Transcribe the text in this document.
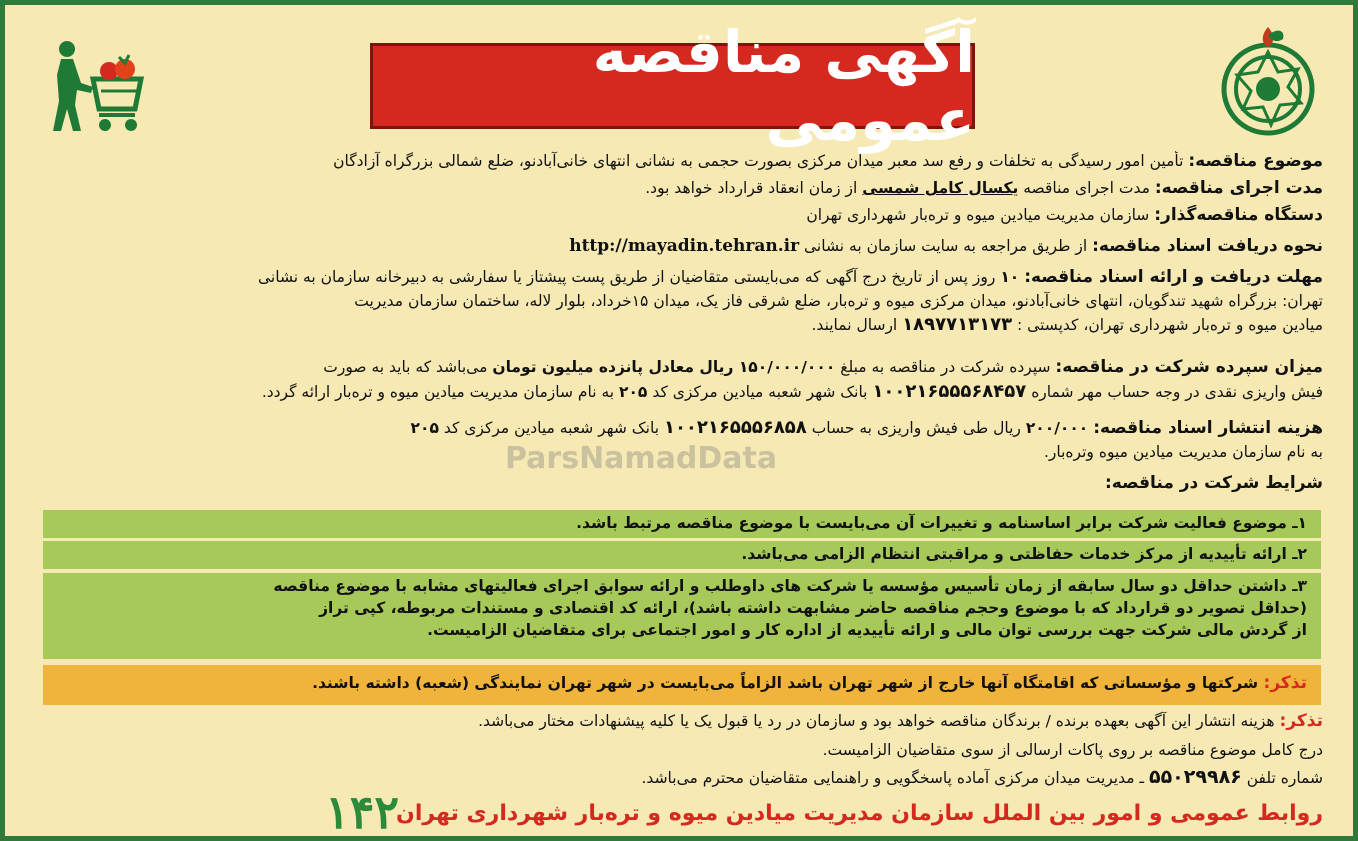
آگهی مناقصه عمومی
موضوع مناقصه: تأمین امور رسیدگی به تخلفات و رفع سد معبر میدان مرکزی بصورت حجمی به نشانی انتهای خانی‌آبادنو، ضلع شمالی بزرگراه آزادگان
مدت اجرای مناقصه: مدت اجرای مناقصه یکسال کامل شمسی از زمان انعقاد قرارداد خواهد بود.
دستگاه مناقصه‌گذار: سازمان مدیریت میادین میوه و تره‌بار شهرداری تهران
نحوه دریافت اسناد مناقصه: از طریق مراجعه به سایت سازمان به نشانی http://mayadin.tehran.ir
مهلت دریافت و ارائه اسناد مناقصه: ۱۰ روز پس از تاریخ درج آگهی که می‌بایستی متقاضیان از طریق پست پیشتاز یا سفارشی به دبیرخانه سازمان به نشانی
تهران: بزرگراه شهید تندگویان، انتهای خانی‌آبادنو، میدان مرکزی میوه و تره‌بار، ضلع شرقی فاز یک، میدان ۱۵خرداد، بلوار لاله، ساختمان سازمان مدیریت
میادین میوه و تره‌بار شهرداری تهران، کدپستی : ۱۸۹۷۷۱۳۱۷۳ ارسال نمایند.
میزان سپرده شرکت در مناقصه: سپرده شرکت در مناقصه به مبلغ ۱۵۰/۰۰۰/۰۰۰ ریال معادل پانزده میلیون تومان می‌باشد که باید به صورت
فیش واریزی نقدی در وجه حساب مهر شماره ۱۰۰۲۱۶۵۵۵۶۸۴۵۷ بانک شهر شعبه میادین مرکزی کد ۲۰۵ به نام سازمان مدیریت میادین میوه و تره‌بار ارائه گردد.
هزینه انتشار اسناد مناقصه: ۲۰۰/۰۰۰ ریال طی فیش واریزی به حساب ۱۰۰۲۱۶۵۵۵۶۸۵۸ بانک شهر شعبه میادین مرکزی کد ۲۰۵
به نام سازمان مدیریت میادین میوه وتره‌بار.
ParsNamadData
شرایط شرکت در مناقصه:
۱ـ موضوع فعالیت شرکت برابر اساسنامه و تغییرات آن می‌بایست با موضوع مناقصه مرتبط باشد.
۲ـ ارائه تأییدیه از مرکز خدمات حفاظتی و مراقبتی انتظام الزامی می‌باشد.
۳ـ داشتن حداقل دو سال سابقه از زمان تأسیس مؤسسه یا شرکت های داوطلب و ارائه سوابق اجرای فعالیتهای مشابه با موضوع مناقصه
(حداقل تصویر دو قرارداد که با موضوع وحجم مناقصه حاضر مشابهت داشته باشد)، ارائه کد اقتصادی و مستندات مربوطه، کپی تراز
از گردش مالی شرکت جهت بررسی توان مالی و ارائه تأییدیه از اداره کار و امور اجتماعی برای متقاضیان الزامیست.
تذکر: شرکتها و مؤسساتی که اقامتگاه آنها خارج از شهر تهران باشد الزاماً می‌بایست در شهر تهران نمایندگی (شعبه) داشته باشند.
تذکر: هزینه انتشار این آگهی بعهده برنده / برندگان مناقصه خواهد بود و سازمان در رد یا قبول یک یا کلیه پیشنهادات مختار می‌باشد.
درج کامل موضوع مناقصه بر روی پاکات ارسالی از سوی متقاضیان الزامیست.
شماره تلفن ۵۵۰۲۹۹۸۶ ـ مدیریت میدان مرکزی آماده پاسخگویی و راهنمایی متقاضیان محترم می‌باشد.
۱۴۲
روابط عمومی و امور بین الملل سازمان مدیریت میادین میوه و تره‌بار شهرداری تهران
